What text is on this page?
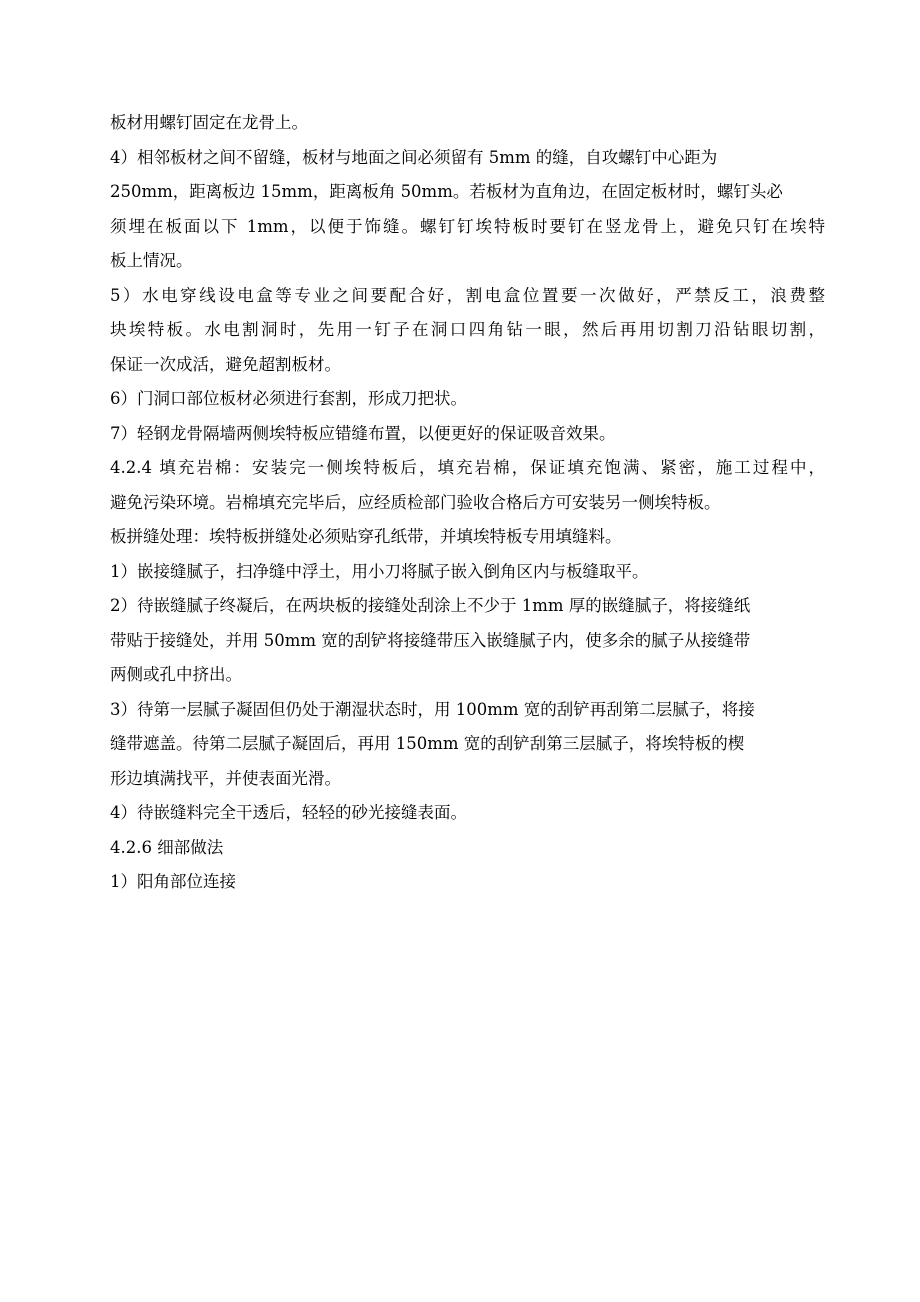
板材用螺钉固定在龙骨上。
4）相邻板材之间不留缝，板材与地面之间必须留有 5mm 的缝，自攻螺钉中心距为
250mm，距离板边 15mm，距离板角 50mm。若板材为直角边，在固定板材时，螺钉头必
须埋在板面以下 1mm，以便于饰缝。螺钉钉埃特板时要钉在竖龙骨上，避免只钉在埃特
板上情况。
5）水电穿线设电盒等专业之间要配合好，割电盒位置要一次做好，严禁反工，浪费整
块埃特板。水电割洞时，先用一钉子在洞口四角钻一眼，然后再用切割刀沿钻眼切割，
保证一次成活，避免超割板材。
6）门洞口部位板材必须进行套割，形成刀把状。
7）轻钢龙骨隔墙两侧埃特板应错缝布置，以便更好的保证吸音效果。
4.2.4 填充岩棉：安装完一侧埃特板后，填充岩棉，保证填充饱满、紧密，施工过程中，
避免污染环境。岩棉填充完毕后，应经质检部门验收合格后方可安装另一侧埃特板。
板拼缝处理：埃特板拼缝处必须贴穿孔纸带，并填埃特板专用填缝料。
1）嵌接缝腻子，扫净缝中浮土，用小刀将腻子嵌入倒角区内与板缝取平。
2）待嵌缝腻子终凝后，在两块板的接缝处刮涂上不少于 1mm 厚的嵌缝腻子，将接缝纸
带贴于接缝处，并用 50mm 宽的刮铲将接缝带压入嵌缝腻子内，使多余的腻子从接缝带
两侧或孔中挤出。
3）待第一层腻子凝固但仍处于潮湿状态时，用 100mm 宽的刮铲再刮第二层腻子，将接
缝带遮盖。待第二层腻子凝固后，再用 150mm 宽的刮铲刮第三层腻子，将埃特板的楔
形边填满找平，并使表面光滑。
4）待嵌缝料完全干透后，轻轻的砂光接缝表面。
4.2.6 细部做法
1）阳角部位连接
